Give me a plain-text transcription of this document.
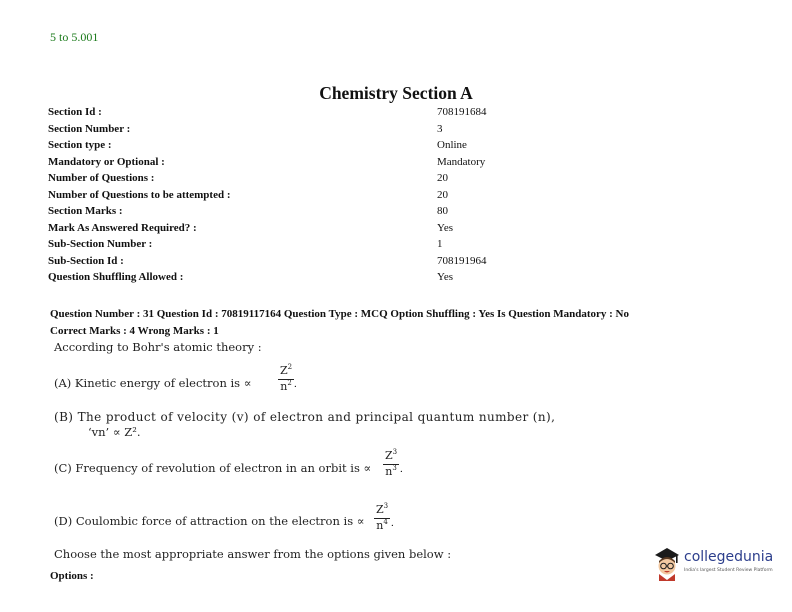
5 to 5.001
Chemistry Section A
Section Id :	708191684
Section Number :	3
Section type :	Online
Mandatory or Optional :	Mandatory
Number of Questions :	20
Number of Questions to be attempted :	20
Section Marks :	80
Mark As Answered Required? :	Yes
Sub-Section Number :	1
Sub-Section Id :	708191964
Question Shuffling Allowed :	Yes
Question Number : 31 Question Id : 70819117164 Question Type : MCQ Option Shuffling : Yes Is Question Mandatory : No
Correct Marks : 4 Wrong Marks : 1
According to Bohr's atomic theory :
(A) Kinetic energy of electron is ∝
$Z^2$
$n^2$ .
(B) The product of velocity (v) of electron and principal quantum number (n),
‘vn’ ∝ Z².
(C) Frequency of revolution of electron in an orbit is ∝
$Z^3$
$n^3$ .
(D) Coulombic force of attraction on the electron is ∝
$Z^3$
$n^4$ .
Choose the most appropriate answer from the options given below :
Options :
collegedunia
India's largest Student Review Platform
